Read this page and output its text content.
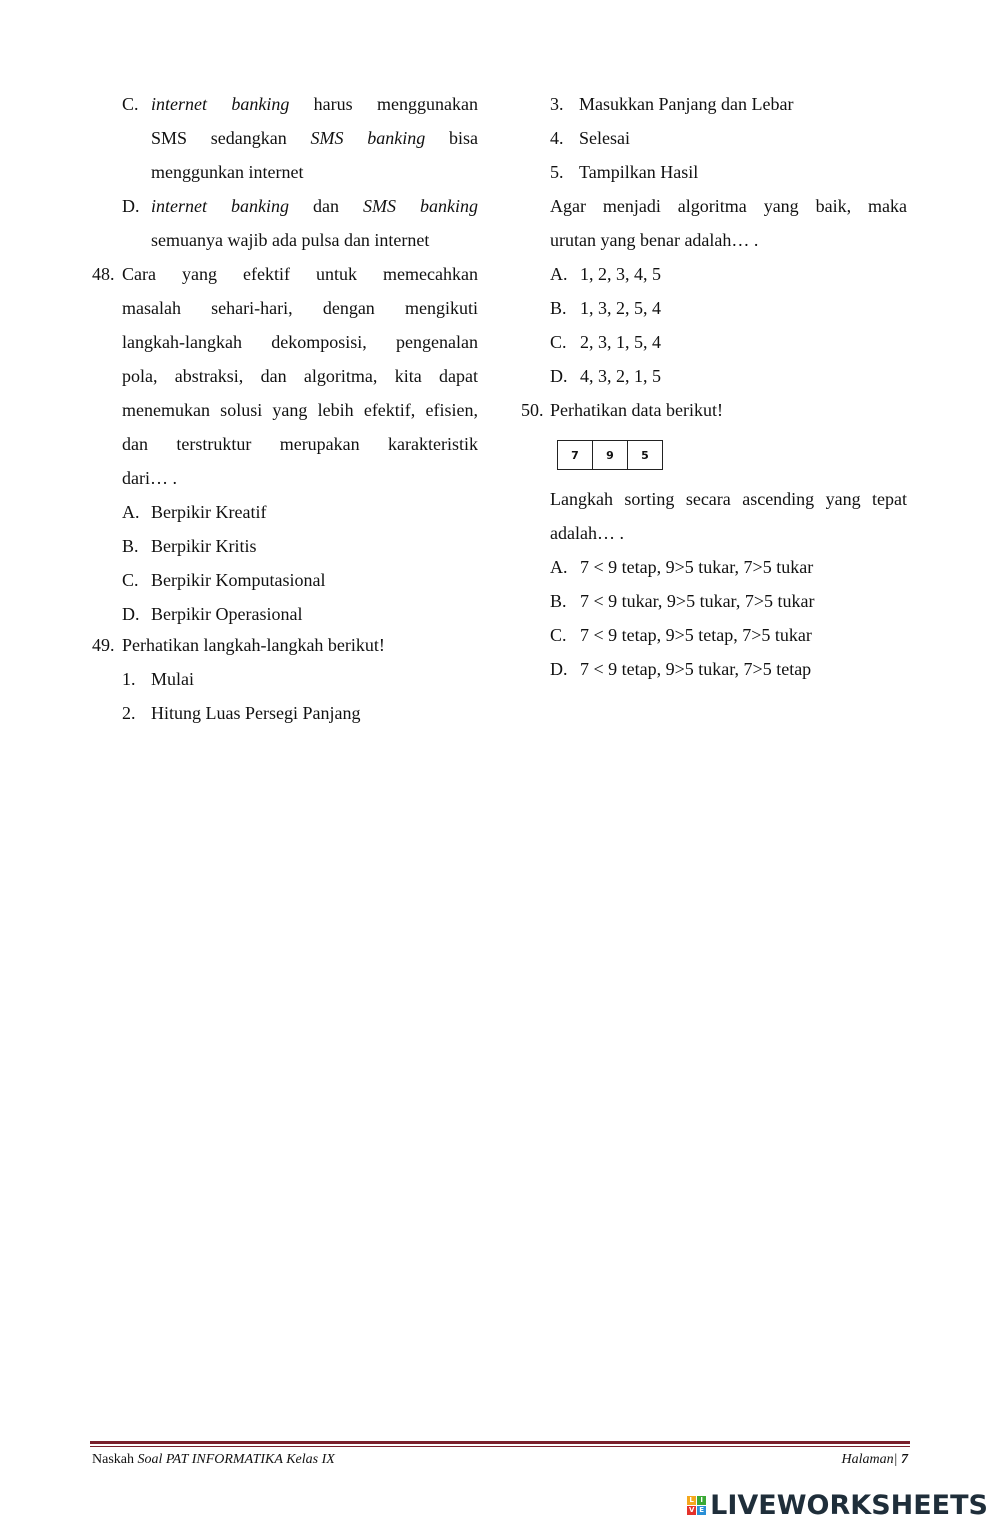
C. internet banking harus menggunakan
SMS sedangkan SMS banking bisa
menggunkan internet
D. internet banking dan SMS banking
semuanya wajib ada pulsa dan internet
48. Cara yang efektif untuk memecahkan
masalah sehari-hari, dengan mengikuti
langkah-langkah dekomposisi, pengenalan
pola, abstraksi, dan algoritma, kita dapat
menemukan solusi yang lebih efektif, efisien,
dan terstruktur merupakan karakteristik
dari… .
A. Berpikir Kreatif
B. Berpikir Kritis
C. Berpikir Komputasional
D. Berpikir Operasional
49. Perhatikan langkah-langkah berikut!
1. Mulai
2. Hitung Luas Persegi Panjang
3. Masukkan Panjang dan Lebar
4. Selesai
5. Tampilkan Hasil
Agar menjadi algoritma yang baik, maka
urutan yang benar adalah… .
A. 1, 2, 3, 4, 5
B. 1, 3, 2, 5, 4
C. 2, 3, 1, 5, 4
D. 4, 3, 2, 1, 5
50. Perhatikan data berikut!
7	9	5
Langkah sorting secara ascending yang tepat
adalah… .
A. 7 < 9 tetap, 9>5 tukar, 7>5 tukar
B. 7 < 9 tukar, 9>5 tukar, 7>5 tukar
C. 7 < 9 tetap, 9>5 tetap, 7>5 tukar
D. 7 < 9 tetap, 9>5 tukar, 7>5 tetap
Naskah Soal PAT INFORMATIKA Kelas IX	Halaman| 7
L I
V E LIVEWORKSHEETS
